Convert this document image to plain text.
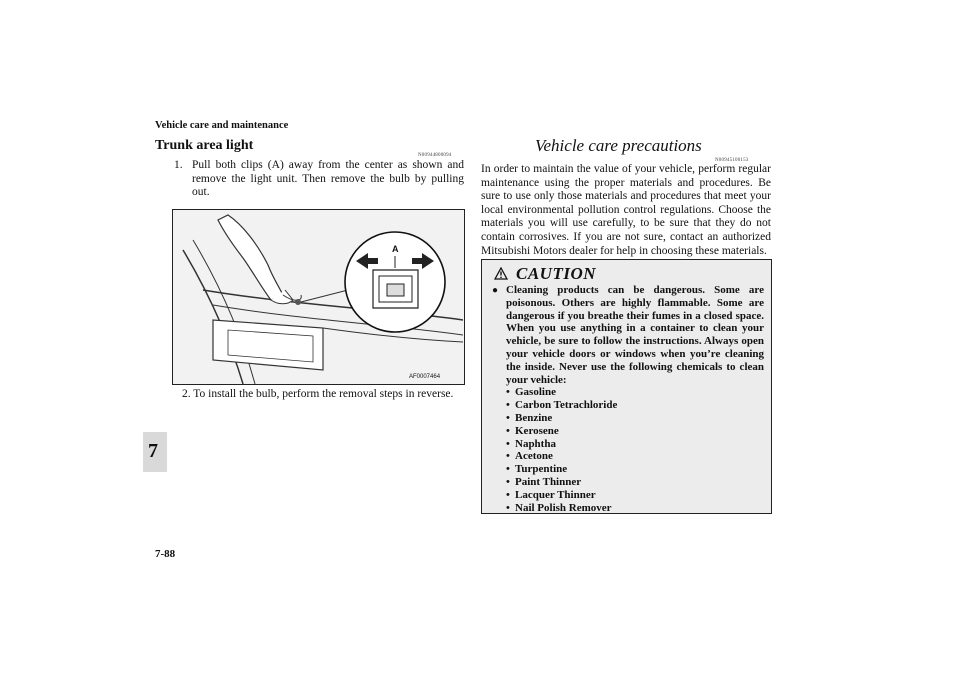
Vehicle care and maintenance
7
7-88
Trunk area light
N00944800094
1. Pull both clips (A) away from the center as shown and remove the light unit. Then remove the bulb by pulling out.
A
AF0007464
2. To install the bulb, perform the removal steps in reverse.
Vehicle care precautions
N00945100153
In order to maintain the value of your vehicle, perform regular maintenance using the proper materials and procedures. Be sure to use only those materials and procedures that meet your local environmental pollution control regulations. Choose the materials you will use carefully, to be sure that they do not contain corrosives. If you are not sure, contact an authorized Mitsubishi Motors dealer for help in choosing these materials.
CAUTION
● Cleaning products can be dangerous. Some are poisonous. Others are highly flammable. Some are dangerous if you breathe their fumes in a closed space. When you use anything in a container to clean your vehicle, be sure to follow the instructions. Always open your vehicle doors or windows when you’re cleaning the inside. Never use the following chemicals to clean your vehicle:
• Gasoline
• Carbon Tetrachloride
• Benzine
• Kerosene
• Naphtha
• Acetone
• Turpentine
• Paint Thinner
• Lacquer Thinner
• Nail Polish Remover
